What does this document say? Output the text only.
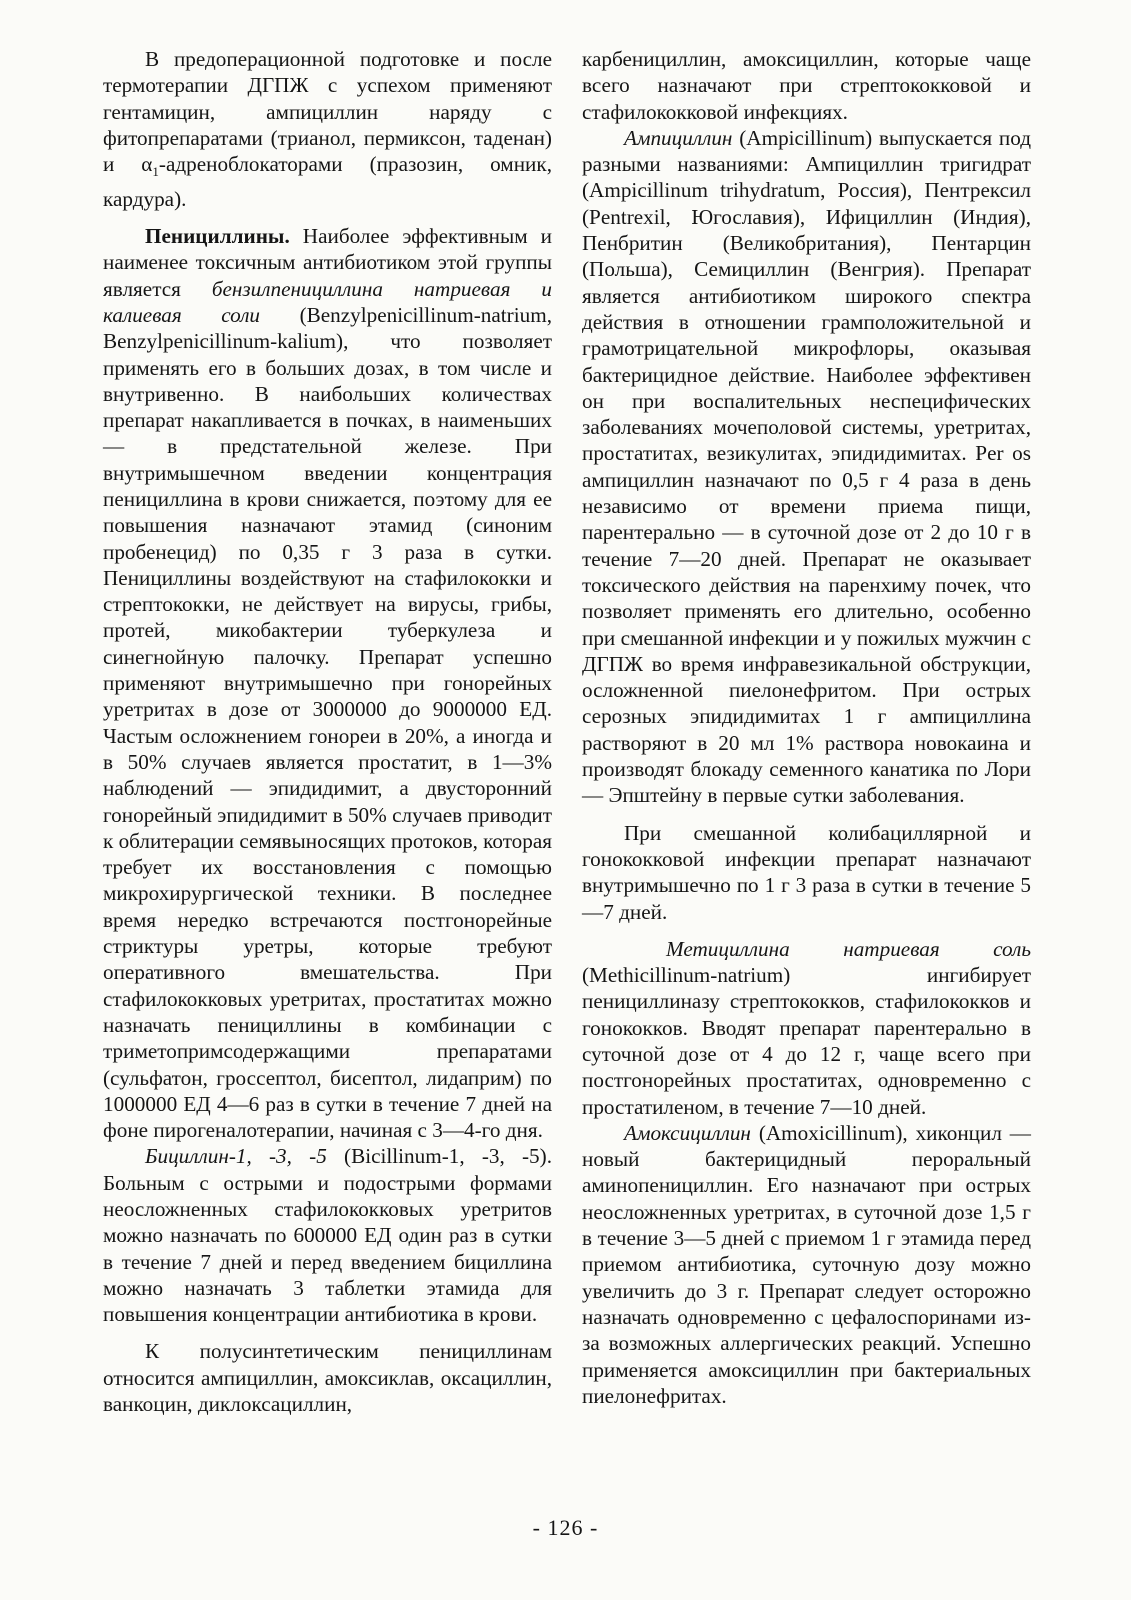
В предоперационной подготовке и после термотерапии ДГПЖ с успехом применяют гентамицин, ампициллин наряду с фитопрепаратами (трианол, пермиксон, таденан) и $\alpha_1$-адреноблокаторами (празозин, омник, кардура).

Пенициллины. Наиболее эффективным и наименее токсичным антибиотиком этой группы является бензилпенициллина натриевая и калиевая соли (Benzylpenicillinum-natrium, Benzylpenicillinum-kalium), что позволяет применять его в больших дозах, в том числе и внутривенно. В наибольших количествах препарат накапливается в почках, в наименьших — в предстательной железе. При внутримышечном введении концентрация пенициллина в крови снижается, поэтому для ее повышения назначают этамид (синоним пробенецид) по 0,35 г 3 раза в сутки. Пенициллины воздействуют на стафилококки и стрептококки, не действует на вирусы, грибы, протей, микобактерии туберкулеза и синегнойную палочку. Препарат успешно применяют внутримышечно при гонорейных уретритах в дозе от 3000000 до 9000000 ЕД. Частым осложнением гонореи в 20%, а иногда и в 50% случаев является простатит, в 1—3% наблюдений — эпидидимит, а двусторонний гонорейный эпидидимит в 50% случаев приводит к облитерации семявыносящих протоков, которая требует их восстановления с помощью микрохирургической техники. В последнее время нередко встречаются постгонорейные стриктуры уретры, которые требуют оперативного вмешательства. При стафилококковых уретритах, простатитах можно назначать пенициллины в комбинации с триметопримсодержащими препаратами (сульфатон, гроссептол, бисептол, лидаприм) по 1000000 ЕД 4—6 раз в сутки в течение 7 дней на фоне пирогеналотерапии, начиная с 3—4-го дня.

Бициллин-1, -3, -5 (Bicillinum-1, -3, -5). Больным с острыми и подострыми формами неосложненных стафилококковых уретритов можно назначать по 600000 ЕД один раз в сутки в течение 7 дней и перед введением бициллина можно назначать 3 таблетки этамида для повышения концентрации антибиотика в крови.

К полусинтетическим пенициллинам относится ампициллин, амоксиклав, оксациллин, ванкоцин, диклоксациллин,

карбенициллин, амоксициллин, которые чаще всего назначают при стрептококковой и стафилококковой инфекциях.

Ампициллин (Ampicillinum) выпускается под разными названиями: Ампициллин тригидрат (Ampicillinum trihydratum, Россия), Пентрексил (Pentrexil, Югославия), Ифициллин (Индия), Пенбритин (Великобритания), Пентарцин (Польша), Семициллин (Венгрия). Препарат является антибиотиком широкого спектра действия в отношении грамположительной и грамотрицательной микрофлоры, оказывая бактерицидное действие. Наиболее эффективен он при воспалительных неспецифических заболеваниях мочеполовой системы, уретритах, простатитах, везикулитах, эпидидимитах. Per os ампициллин назначают по 0,5 г 4 раза в день независимо от времени приема пищи, парентерально — в суточной дозе от 2 до 10 г в течение 7—20 дней. Препарат не оказывает токсического действия на паренхиму почек, что позволяет применять его длительно, особенно при смешанной инфекции и у пожилых мужчин с ДГПЖ во время инфравезикальной обструкции, осложненной пиелонефритом. При острых серозных эпидидимитах 1 г ампициллина растворяют в 20 мл 1% раствора новокаина и производят блокаду семенного канатика по Лори — Эпштейну в первые сутки заболевания.

При смешанной колибациллярной и гонококковой инфекции препарат назначают внутримышечно по 1 г 3 раза в сутки в течение 5—7 дней.

Метициллина	натриевая	соль

(Methicillinum-natrium) ингибирует пенициллиназу стрептококков, стафилококков и гонококков. Вводят препарат парентерально в суточной дозе от 4 до 12 г, чаще всего при постгонорейных простатитах, одновременно с простатиленом, в течение 7—10 дней.

Амоксициллин (Amoxicillinum), хиконцил — новый бактерицидный пероральный аминопенициллин. Его назначают при острых неосложненных уретритах, в суточной дозе 1,5 г в течение 3—5 дней с приемом 1 г этамида перед приемом антибиотика, суточную дозу можно увеличить до 3 г. Препарат следует осторожно назначать одновременно с цефалоспоринами из-за возможных аллергических реакций. Успешно применяется амоксициллин при бактериальных пиелонефритах.

- 126 -
